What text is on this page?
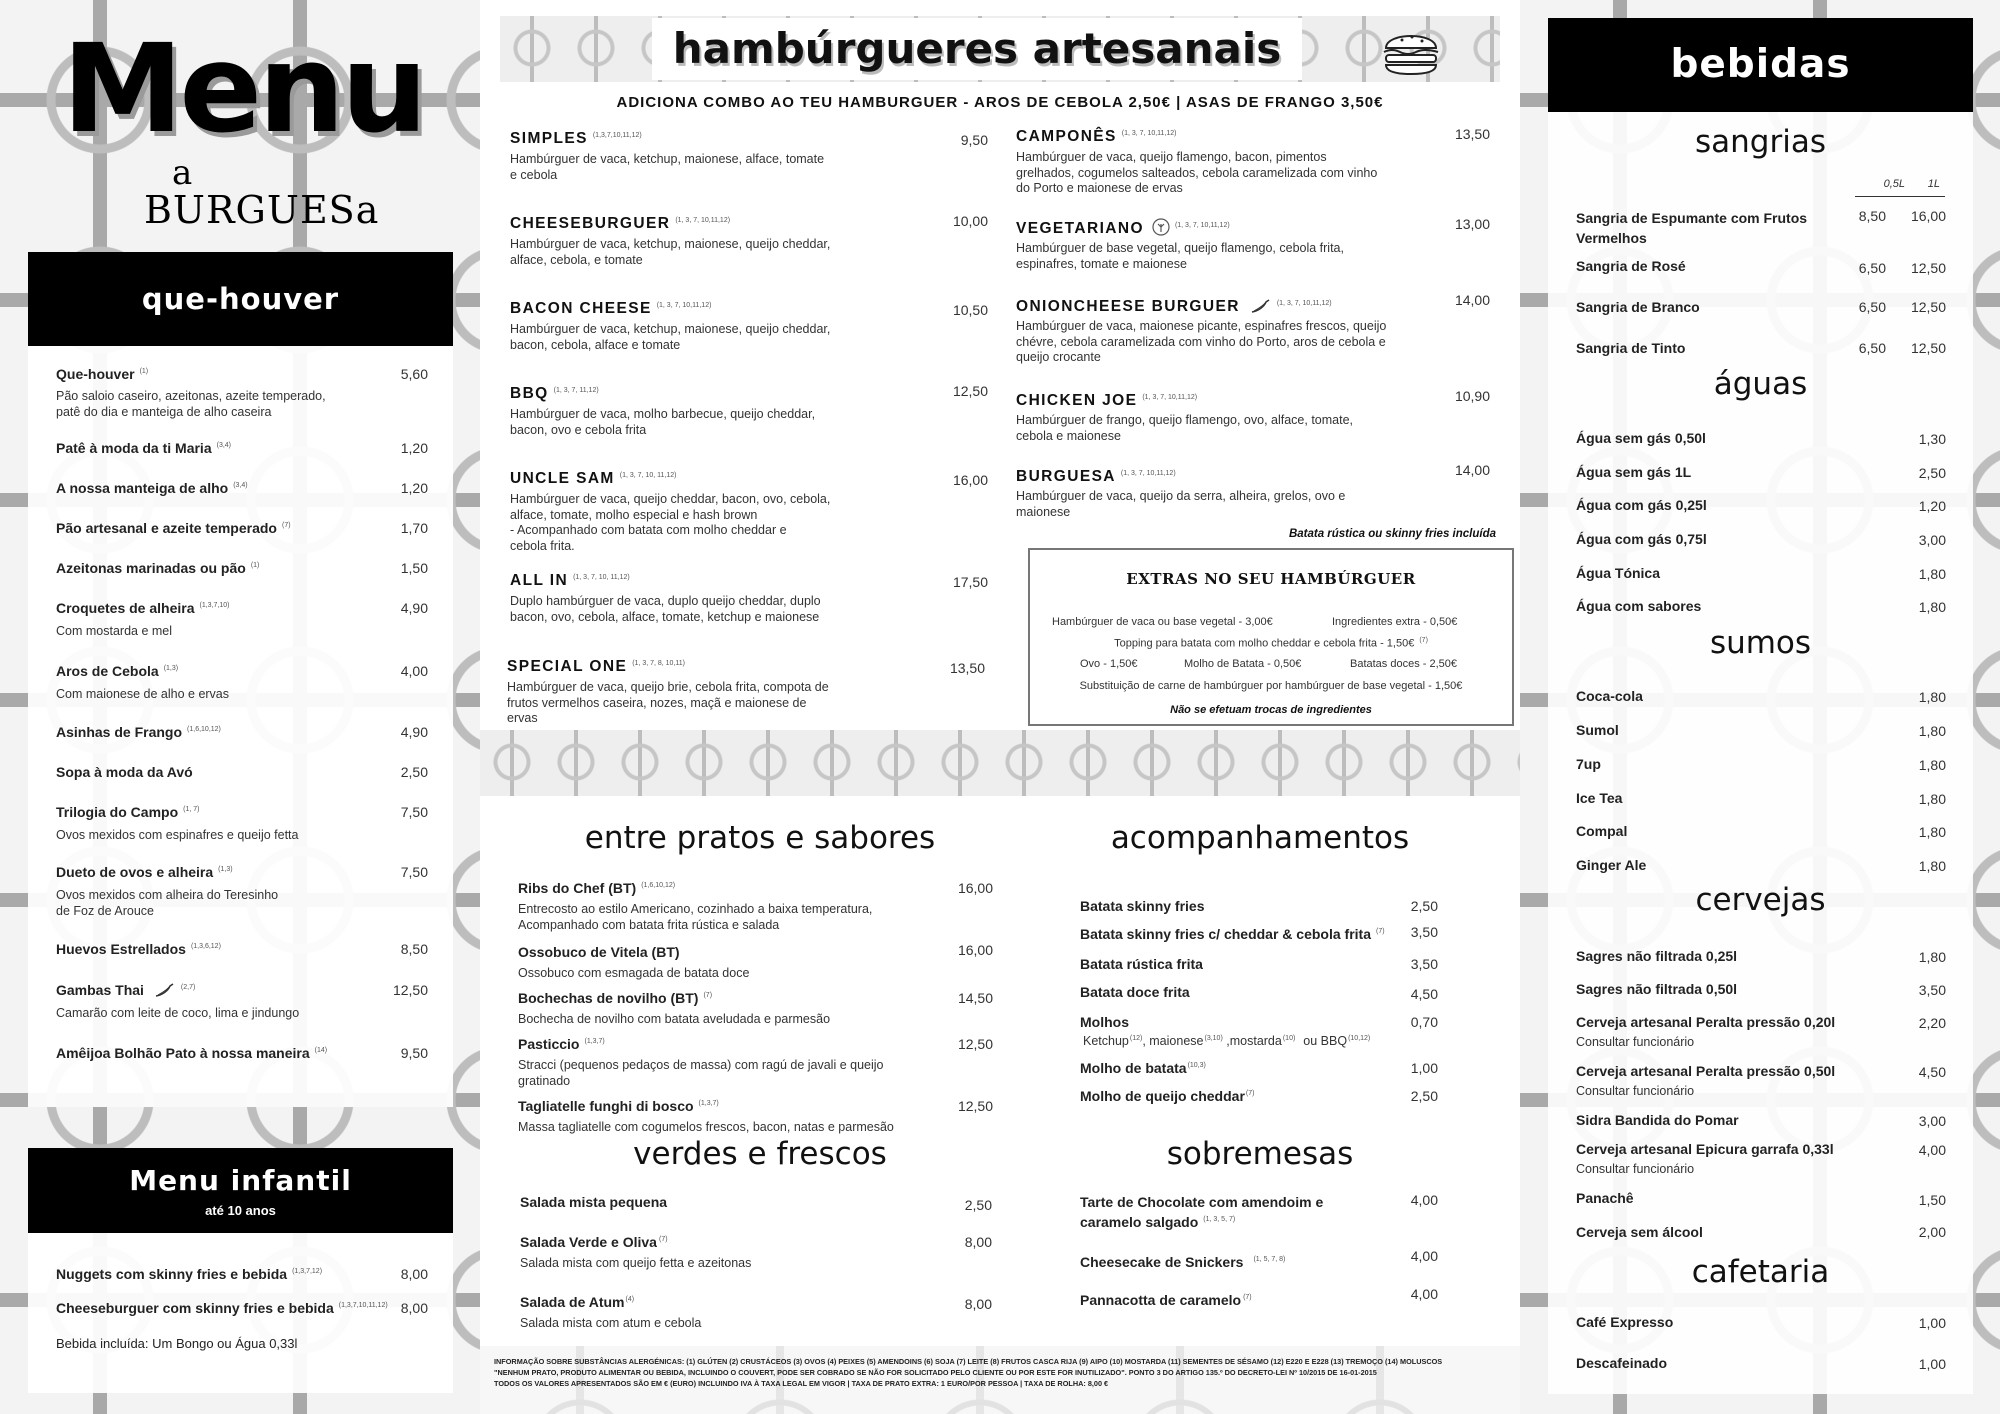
Menu
a
BURGUESa
que-houver
Que-houver $^{(1)}$	5,60
Pão saloio caseiro, azeitonas, azeite temperado,
patê do dia e manteiga de alho caseira
Patê à moda da ti Maria $^{(3,4)}$	1,20
A nossa manteiga de alho $^{(3,4)}$	1,20
Pão artesanal e azeite temperado $^{(7)}$	1,70
Azeitonas marinadas ou pão $^{(1)}$	1,50
Croquetes de alheira $^{(1,3,7,10)}$	4,90
Com mostarda e mel
Aros de Cebola $^{(1,3)}$	4,00
Com maionese de alho e ervas
Asinhas de Frango $^{(1,6,10,12)}$	4,90
Sopa à moda da Avó	2,50
Trilogia do Campo $^{(1, 7)}$	7,50
Ovos mexidos com espinafres e queijo fetta
Dueto de ovos e alheira $^{(1,3)}$	7,50
Ovos mexidos com alheira do Teresinho
de Foz de Arouce
Huevos Estrellados $^{(1,3,6,12)}$	8,50
Gambas Thai	$^{(2,7)}$	12,50
Camarão com leite de coco, lima e jindungo
Amêijoa Bolhão Pato à nossa maneira $^{(14)}$	9,50
Menu infantil
até 10 anos
Nuggets com skinny fries e bebida $^{(1,3,7,12)}$	8,00
Cheeseburguer com skinny fries e bebida $^{(1,3,7,10,11,12)}$ 8,00
Bebida incluída: Um Bongo ou Água 0,33l
hambúrgueres artesanais
ADICIONA COMBO AO TEU HAMBURGUER - AROS DE CEBOLA 2,50€ | ASAS DE FRANGO 3,50€
SIMPLES $^{(1,3,7,10,11,12)}$	9,50
Hambúrguer de vaca, ketchup, maionese, alface, tomate
e cebola
CHEESEBURGUER $^{(1, 3, 7, 10,11,12)}$	10,00
Hambúrguer de vaca, ketchup, maionese, queijo cheddar,
alface, cebola, e tomate
BACON CHEESE $^{(1, 3, 7, 10,11,12)}$	10,50
Hambúrguer de vaca, ketchup, maionese, queijo cheddar,
bacon, cebola, alface e tomate
BBQ $^{(1, 3, 7, 11,12)}$	12,50
Hambúrguer de vaca, molho barbecue, queijo cheddar,
bacon, ovo e cebola frita
UNCLE SAM $^{(1, 3, 7, 10, 11,12)}$	16,00
Hambúrguer de vaca, queijo cheddar, bacon, ovo, cebola,
alface, tomate, molho especial e hash brown
- Acompanhado com batata com molho cheddar e
cebola frita.
ALL IN $^{(1, 3, 7, 10, 11,12)}$	17,50
Duplo hambúrguer de vaca, duplo queijo cheddar, duplo
bacon, ovo, cebola, alface, tomate, ketchup e maionese
SPECIAL ONE $^{(1, 3, 7, 8, 10,11)}$	13,50
Hambúrguer de vaca, queijo brie, cebola frita, compota de
frutos vermelhos caseira, nozes, maçã e maionese de
ervas
CAMPONÊS $^{(1, 3, 7, 10,11,12)}$	13,50
Hambúrguer de vaca, queijo flamengo, bacon, pimentos
grelhados, cogumelos salteados, cebola caramelizada com vinho
do Porto e maionese de ervas
VEGETARIANO	$^{(1, 3, 7, 10,11,12)}$	13,00
Hambúrguer de base vegetal, queijo flamengo, cebola frita,
espinafres, tomate e maionese
ONIONCHEESE BURGUER	$^{(1, 3, 7, 10,11,12)}$	14,00
Hambúrguer de vaca, maionese picante, espinafres frescos, queijo
chévre, cebola caramelizada com vinho do Porto, aros de cebola e
queijo crocante
CHICKEN JOE $^{(1, 3, 7, 10,11,12)}$	10,90
Hambúrguer de frango, queijo flamengo, ovo, alface, tomate,
cebola e maionese
BURGUESA $^{(1, 3, 7, 10,11,12)}$	14,00
Hambúrguer de vaca, queijo da serra, alheira, grelos, ovo e
maionese
Batata rústica ou skinny fries incluída
EXTRAS NO SEU HAMBÚRGUER
Hambúrguer de vaca ou base vegetal - 3,00€	Ingredientes extra - 0,50€
Topping para batata com molho cheddar e cebola frita - 1,50€ $^{(7)}$
Ovo - 1,50€	Molho de Batata - 0,50€	Batatas doces - 2,50€
Substituição de carne de hambúrguer por hambúrguer de base vegetal - 1,50€
Não se efetuam trocas de ingredientes
entre pratos e sabores
Ribs do Chef (BT) $^{(1,6,10,12)}$	16,00
Entrecosto ao estilo Americano, cozinhado a baixa temperatura,
Acompanhado com batata frita rústica e salada
Ossobuco de Vitela (BT)	16,00
Ossobuco com esmagada de batata doce
Bochechas de novilho (BT) $^{(7)}$	14,50
Bochecha de novilho com batata aveludada e parmesão
Pasticcio $^{(1,3,7)}$	12,50
Stracci (pequenos pedaços de massa) com ragú de javali e queijo
gratinado
Tagliatelle funghi di bosco $^{(1,3,7)}$	12,50
Massa tagliatelle com cogumelos frescos, bacon, natas e parmesão
acompanhamentos
Batata skinny fries	2,50
Batata skinny fries c/ cheddar & cebola frita $^{(7)}$	3,50
Batata rústica frita	3,50
Batata doce frita	4,50
Molhos	0,70
Ketchup$^{(12)}$, maionese$^{(3,10)}$ ,mostarda$^{(10)}$ ou BBQ$^{(10,12)}$
Molho de batata$^{(10,3)}$	1,00
Molho de queijo cheddar$^{(7)}$	2,50
verdes e frescos
Salada mista pequena	2,50
Salada Verde e Oliva $^{(7)}$	8,00
Salada mista com queijo fetta e azeitonas
Salada de Atum$^{(4)}$	8,00
Salada mista com atum e cebola
sobremesas
Tarte de Chocolate com amendoim e
caramelo salgado $^{(1, 3, 5, 7)}$
4,00
Cheesecake de Snickers $^{(1, 5, 7, 8)}$	4,00
Pannacotta de caramelo $^{(7)}$	4,00
INFORMAÇÃO SOBRE SUBSTÂNCIAS ALERGÉNICAS: (1) GLÚTEN (2) CRUSTÁCEOS (3) OVOS (4) PEIXES (5) AMENDOINS (6) SOJA (7) LEITE (8) FRUTOS CASCA RIJA (9) AIPO (10) MOSTARDA (11) SEMENTES DE SÉSAMO (12) E220 E E228 (13) TREMOÇO (14) MOLUSCOS
"NENHUM PRATO, PRODUTO ALIMENTAR OU BEBIDA, INCLUINDO O COUVERT, PODE SER COBRADO SE NÃO FOR SOLICITADO PELO CLIENTE OU POR ESTE FOR INUTILIZADO". PONTO 3 DO ARTIGO 135.º DO DECRETO-LEI Nº 10/2015 DE 16-01-2015
TODOS OS VALORES APRESENTADOS SÃO EM € (EURO) INCLUINDO IVA À TAXA LEGAL EM VIGOR | TAXA DE PRATO EXTRA: 1 EURO/POR PESSOA | TAXA DE ROLHA: 8,00 €
bebidas
sangrias
0,5L	1L
Sangria de Espumante com Frutos
Vermelhos
8,50	16,00
Sangria de Rosé	6,50	12,50
Sangria de Branco	6,50	12,50
Sangria de Tinto	6,50	12,50
águas
Água sem gás 0,50l	1,30
Água sem gás 1L	2,50
Água com gás 0,25l	1,20
Água com gás 0,75l	3,00
Água Tónica	1,80
Água com sabores	1,80
sumos
Coca-cola	1,80
Sumol	1,80
7up	1,80
Ice Tea	1,80
Compal	1,80
Ginger Ale	1,80
cervejas
Sagres não filtrada 0,25l	1,80
Sagres não filtrada 0,50l	3,50
Cerveja artesanal Peralta pressão 0,20l	2,20
Consultar funcionário
Cerveja artesanal Peralta pressão 0,50l	4,50
Consultar funcionário
Sidra Bandida do Pomar	3,00
Cerveja artesanal Epicura garrafa 0,33l	4,00
Consultar funcionário
Panachê	1,50
Cerveja sem álcool	2,00
cafetaria
Café Expresso	1,00
Descafeinado	1,00
